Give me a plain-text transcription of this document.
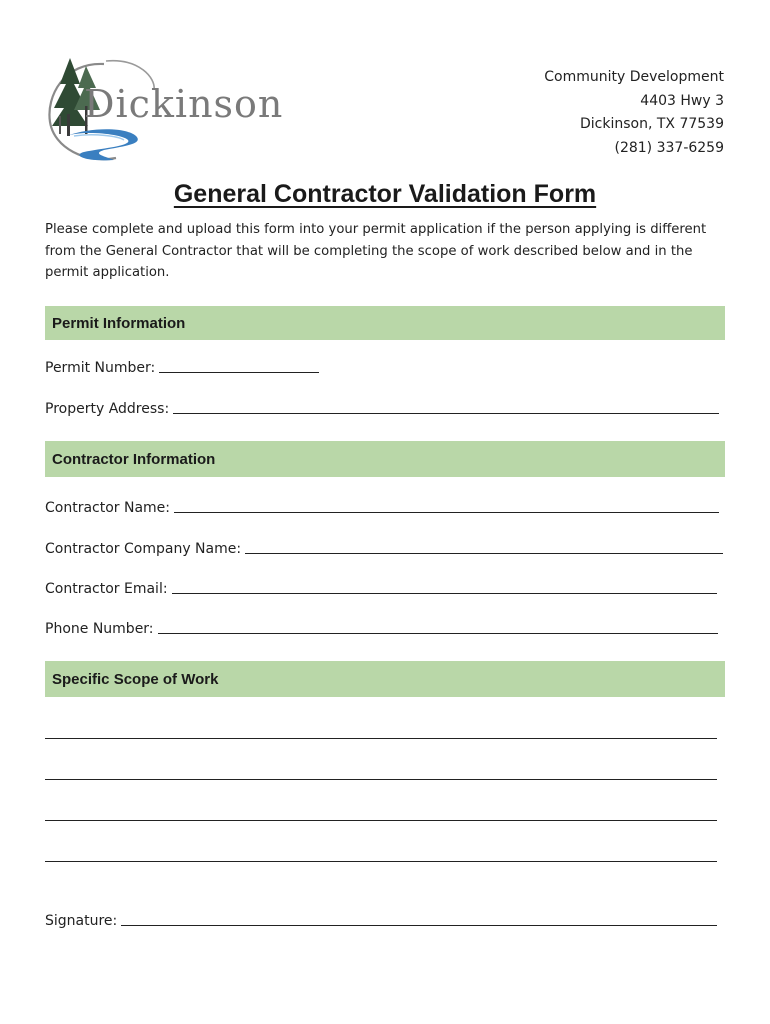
Dickinson
Community Development
4403 Hwy 3
Dickinson, TX 77539
(281) 337-6259
General Contractor Validation Form
Please complete and upload this form into your permit application if the person applying is different from the General Contractor that will be completing the scope of work described below and in the permit application.
Permit Information
Permit Number:
Property Address:
Contractor Information
Contractor Name:
Contractor Company Name:
Contractor Email:
Phone Number:
Specific Scope of Work
Signature:
